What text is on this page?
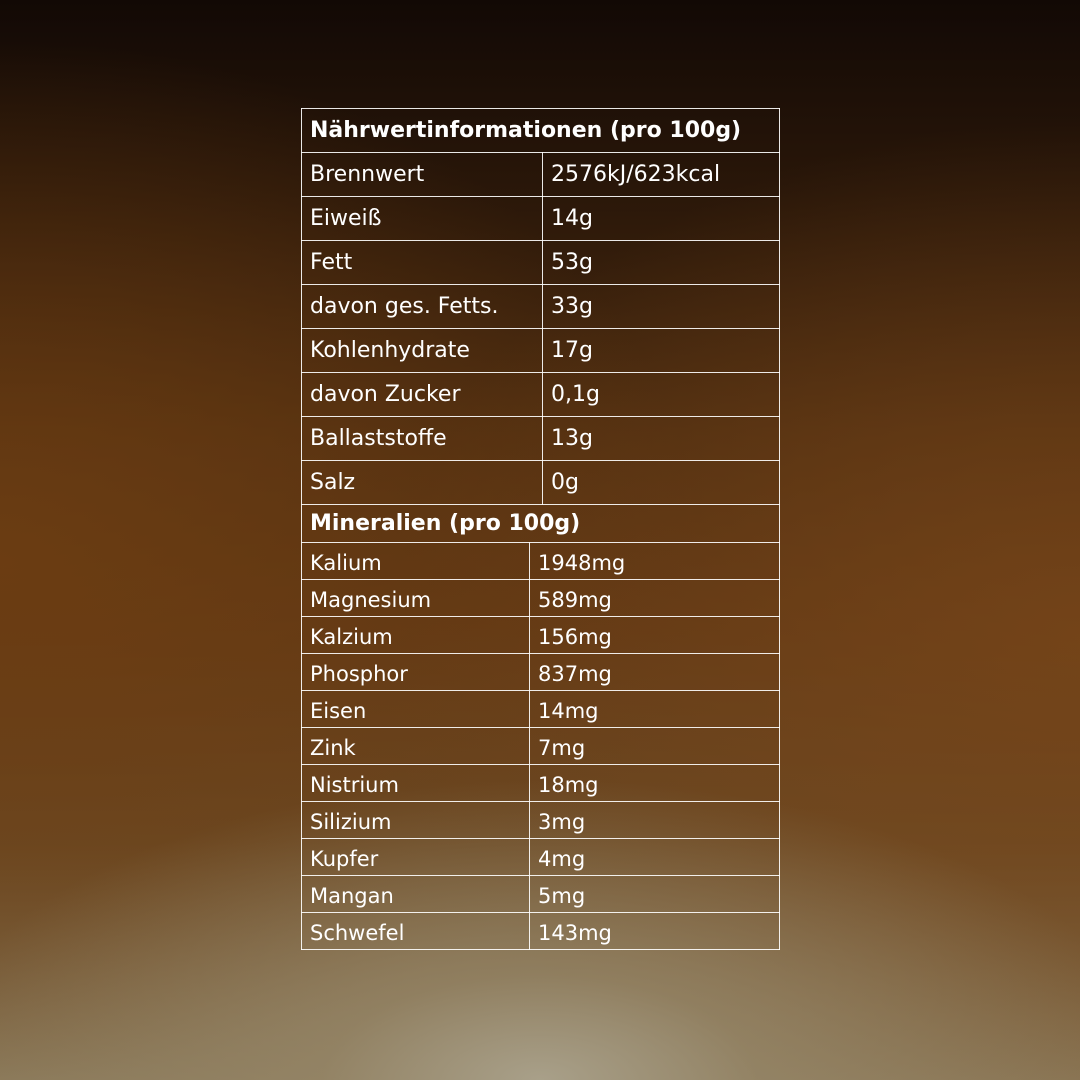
Nährwertinformationen (pro 100g)	
Brennwert	2576kJ/623kcal
Eiweiß	14g
Fett	53g
davon ges. Fetts.	33g
Kohlenhydrate	17g
davon Zucker	0,1g
Ballaststoffe	13g
Salz	0g
Mineralien (pro 100g)	
Kalium	1948mg
Magnesium	589mg
Kalzium	156mg
Phosphor	837mg
Eisen	14mg
Zink	7mg
Nistrium	18mg
Silizium	3mg
Kupfer	4mg
Mangan	5mg
Schwefel	143mg
